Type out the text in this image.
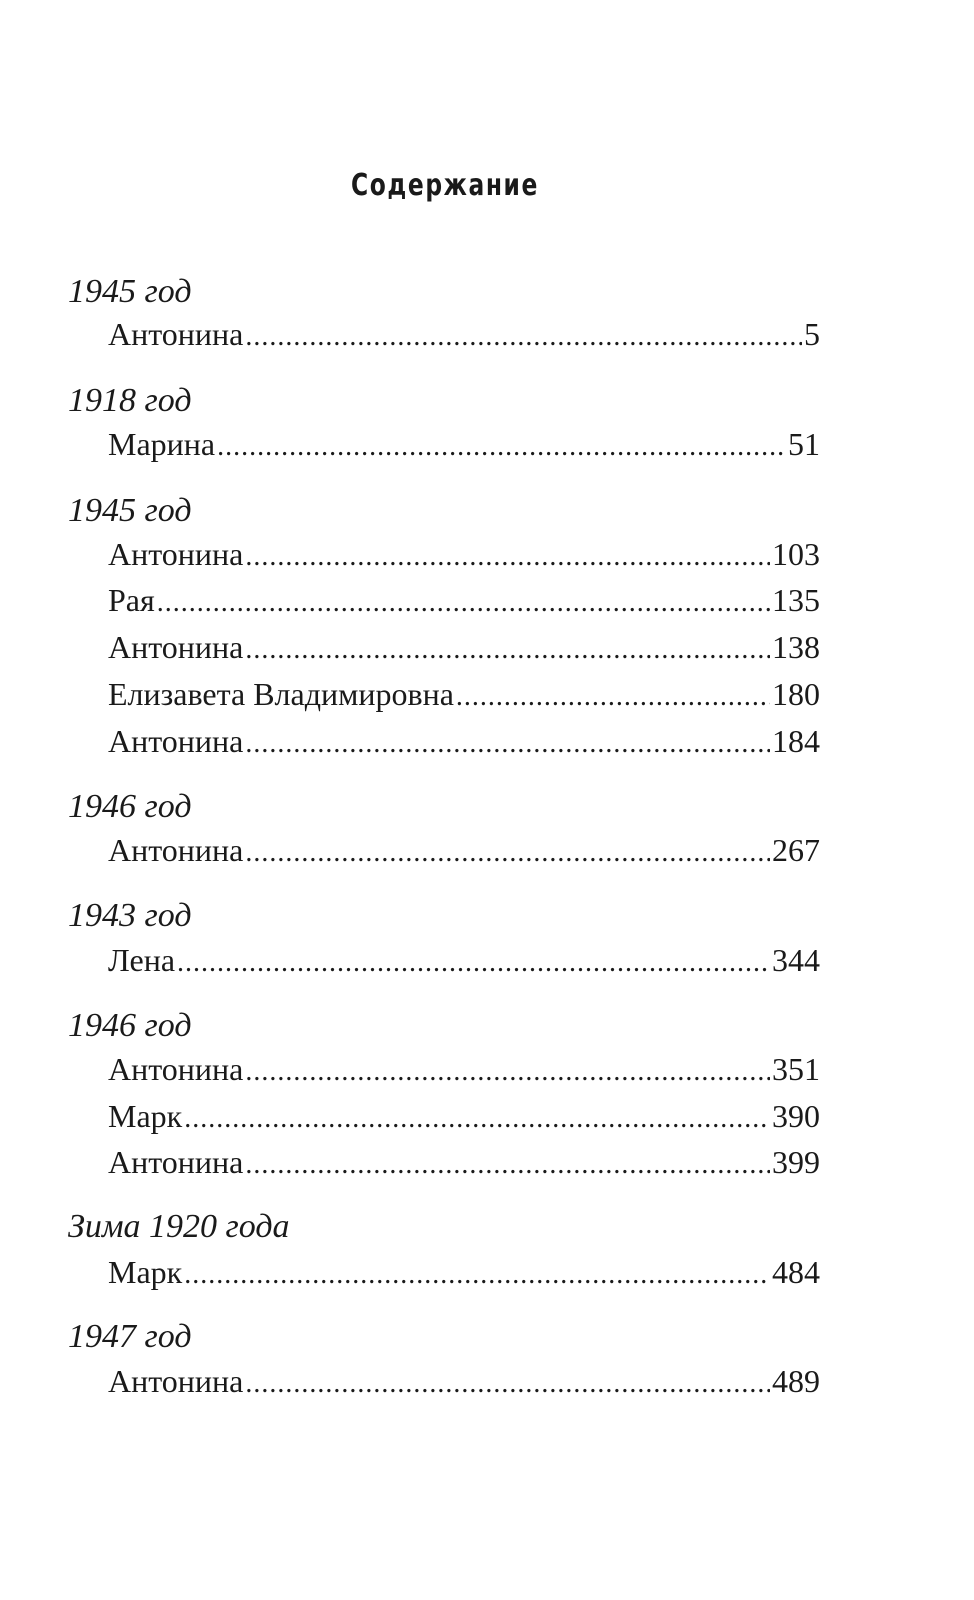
Содержание
1945 год
Антонина .....	5
1918 год
Марина .....	51
1945 год
Антонина .....	103
Рая .....	135
Антонина .....	138
Елизавета Владимировна .....	180
Антонина .....	184
1946 год
Антонина .....	267
1943 год
Лена .....	344
1946 год
Антонина .....	351
Марк .....	390
Антонина .....	399
Зима 1920 года
Марк .....	484
1947 год
Антонина .....	489
